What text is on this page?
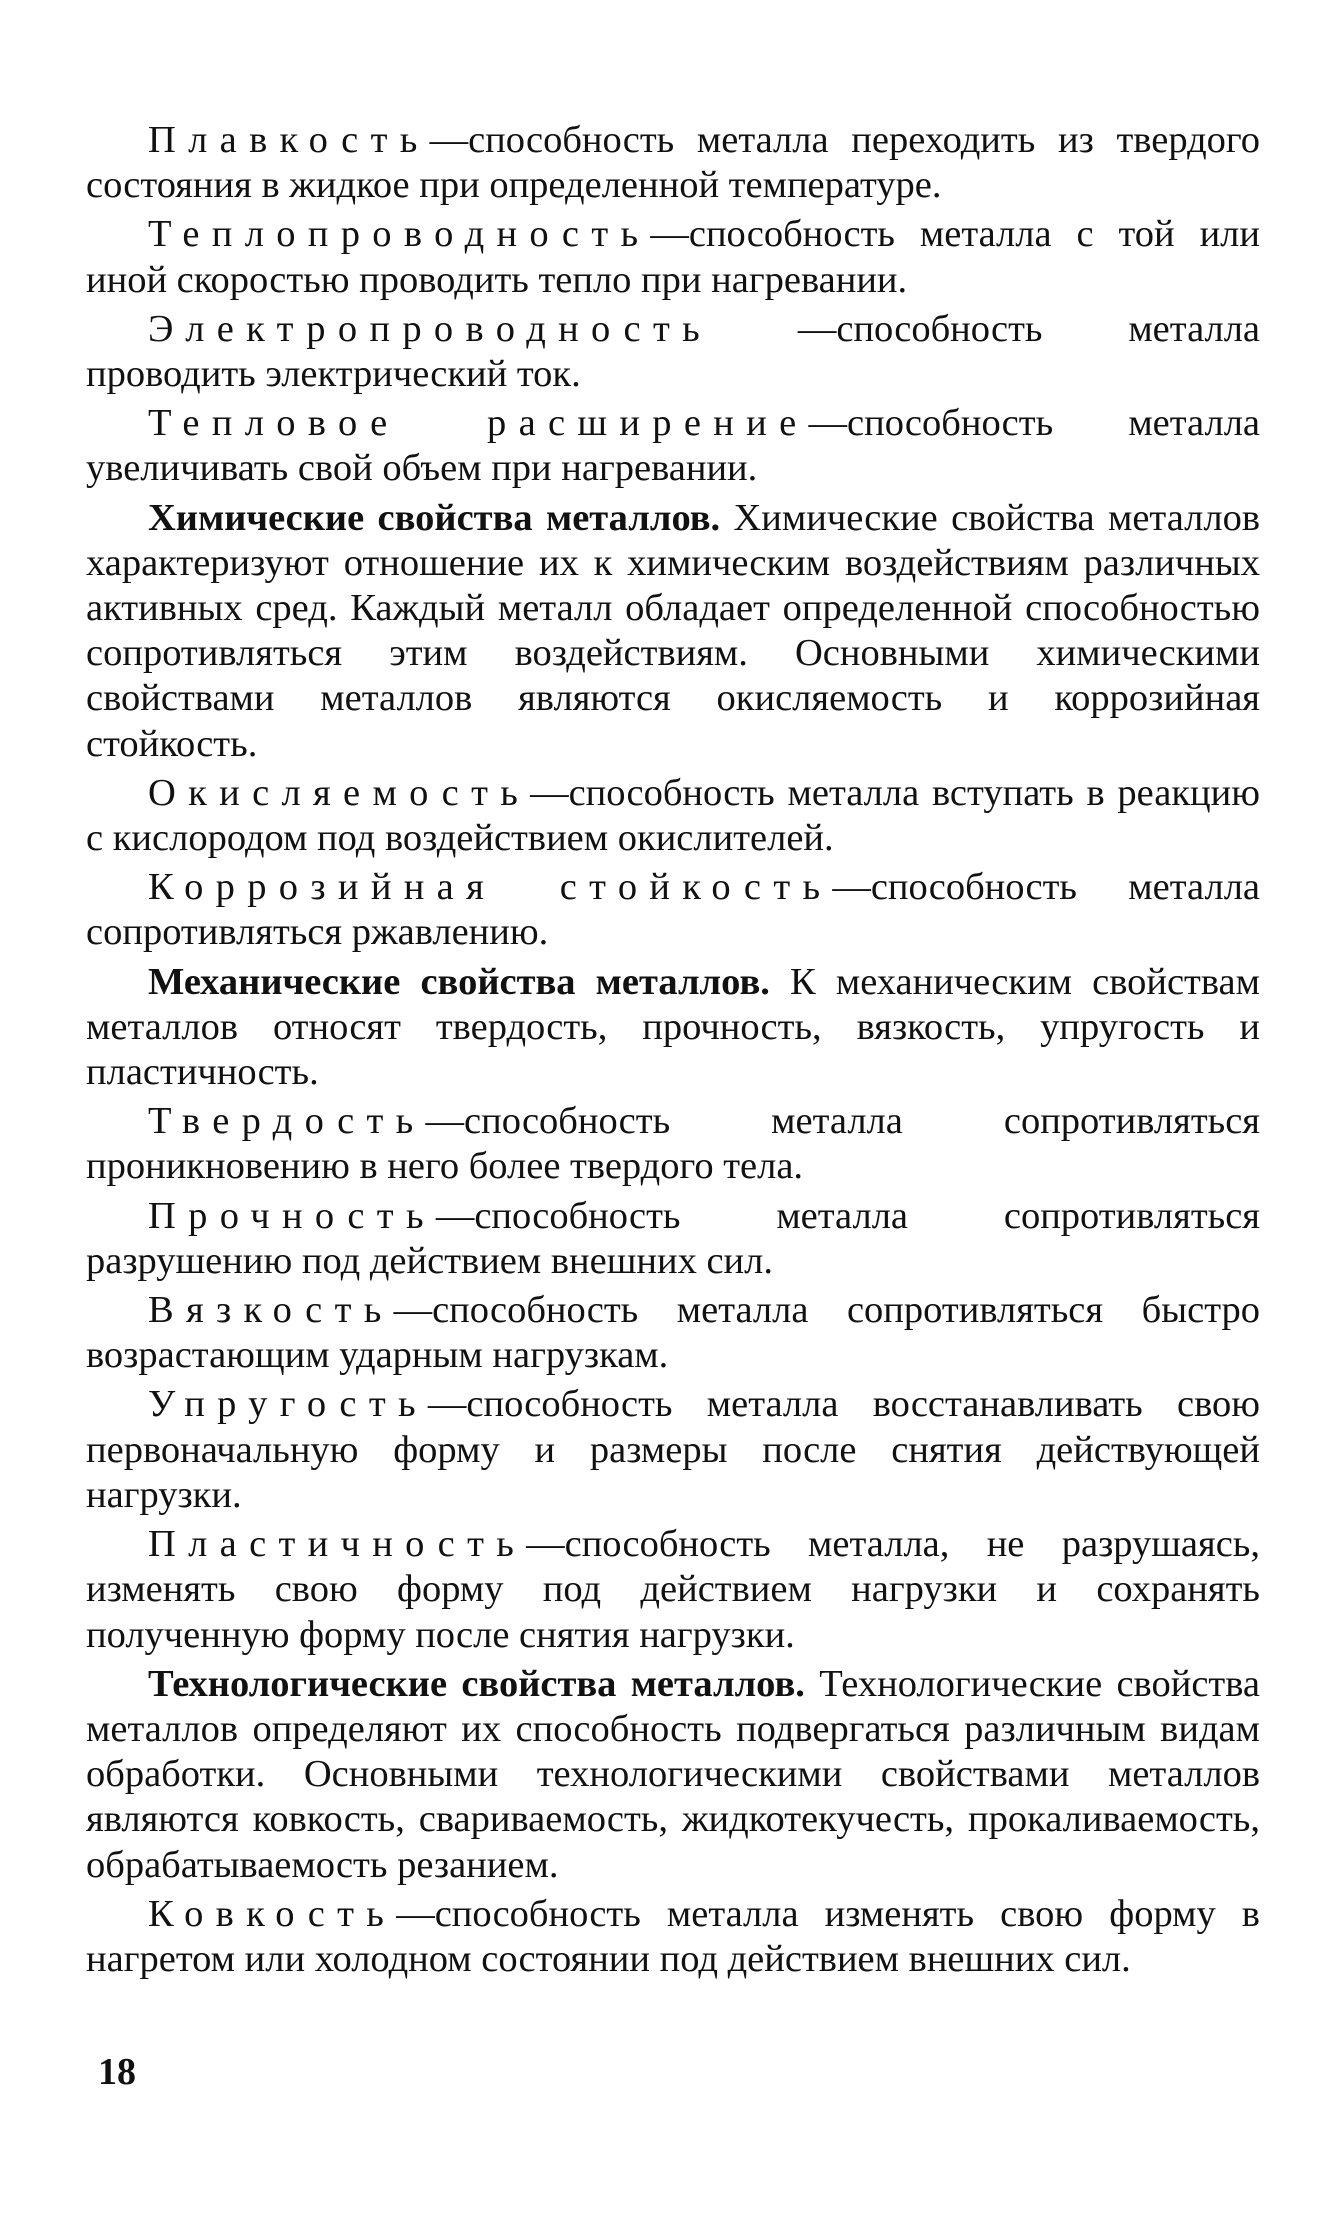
Плавкость—способность металла переходить из твердого состояния в жидкое при определенной температуре.

Теплопроводность—способность металла с той или иной скоростью проводить тепло при нагревании.

Электропроводность —способность металла проводить электрический ток.

Тепловое расширение—способность металла увеличивать свой объем при нагревании.

Химические свойства металлов. Химические свойства металлов характеризуют отношение их к химическим воздействиям различных активных сред. Каждый металл обладает определенной способностью сопротивляться этим воздействиям. Основными химическими свойствами металлов являются окисляемость и коррозийная стойкость.

Окисляемость—способность металла вступать в реакцию с кислородом под воздействием окислителей.

Коррозийная стойкость—способность металла сопротивляться ржавлению.

Механические свойства металлов. К механическим свойствам металлов относят твердость, прочность, вязкость, упругость и пластичность.

Твердость—способность металла сопротивляться проникновению в него более твердого тела.

Прочность—способность металла сопротивляться разрушению под действием внешних сил.

Вязкость—способность металла сопротивляться быстро возрастающим ударным нагрузкам.

Упругость—способность металла восстанавливать свою первоначальную форму и размеры после снятия действующей нагрузки.

Пластичность—способность металла, не разрушаясь, изменять свою форму под действием нагрузки и сохранять полученную форму после снятия нагрузки.

Технологические свойства металлов. Технологические свойства металлов определяют их способность подвергаться различным видам обработки. Основными технологическими свойствами металлов являются ковкость, свариваемость, жидкотекучесть, прокаливаемость, обрабатываемость резанием.

Ковкость—способность металла изменять свою форму в нагретом или холодном состоянии под действием внешних сил.

18
